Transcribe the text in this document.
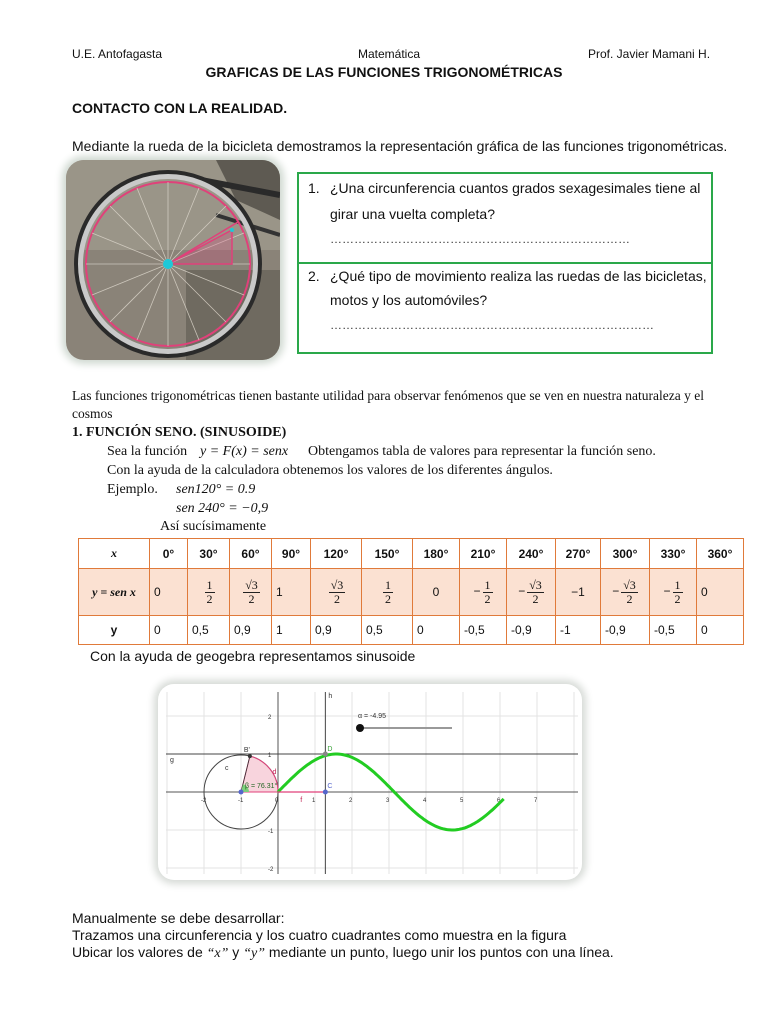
U.E. Antofagasta	Matemática	Prof. Javier Mamani H.
GRAFICAS DE LAS FUNCIONES TRIGONOMÉTRICAS
CONTACTO CON LA REALIDAD.
Mediante la rueda de la bicicleta demostramos la representación gráfica de las funciones trigonométricas.
1. ¿Una circunferencia cuantos grados sexagesimales tiene al
girar una vuelta completa?
…………………………………………………………………
2. ¿Qué tipo de movimiento realiza las ruedas de las bicicletas,
motos y los automóviles?
………………………………………………………………………
Las funciones trigonométricas tienen bastante utilidad para observar fenómenos que se ven en nuestra naturaleza y el
cosmos
1. FUNCIÓN SENO. (SINUSOIDE)
Sea la función y = F(x) = senx Obtengamos tabla de valores para representar la función seno.
Con la ayuda de la calculadora obtenemos los valores de los diferentes ángulos.
Ejemplo. sen120° = 0.9
sen 240° = −0,9
Así sucísimamente
x	0°	30°	60°	90°	120°	150°	180°	210°	240°	270°	300°	330°	360°
y = sen x	0	$\frac{1}{2}$	$\frac{√3}{2}$	1	$\frac{√3}{2}$	$\frac{1}{2}$	0	− $\frac{1}{2}$	− $\frac{√3}{2}$	−1	− $\frac{√3}{2}$	− $\frac{1}{2}$	0
y	0	0,5	0,9	1	0,9	0,5	0	-0,5	-0,9	-1	-0,9	-0,5	0
Con la ayuda de geogebra representamos sinusoide
-2	-1	0	1	2	3	4	5	6	7
2
1
-1
-2
α = -4.95
β = 76.31°
h
g
B'	D
C
c
d
f
Manualmente se debe desarrollar:
Trazamos una circunferencia y los cuatro cuadrantes como muestra en la figura
Ubicar los valores de “x” y “y” mediante un punto, luego unir los puntos con una línea.
